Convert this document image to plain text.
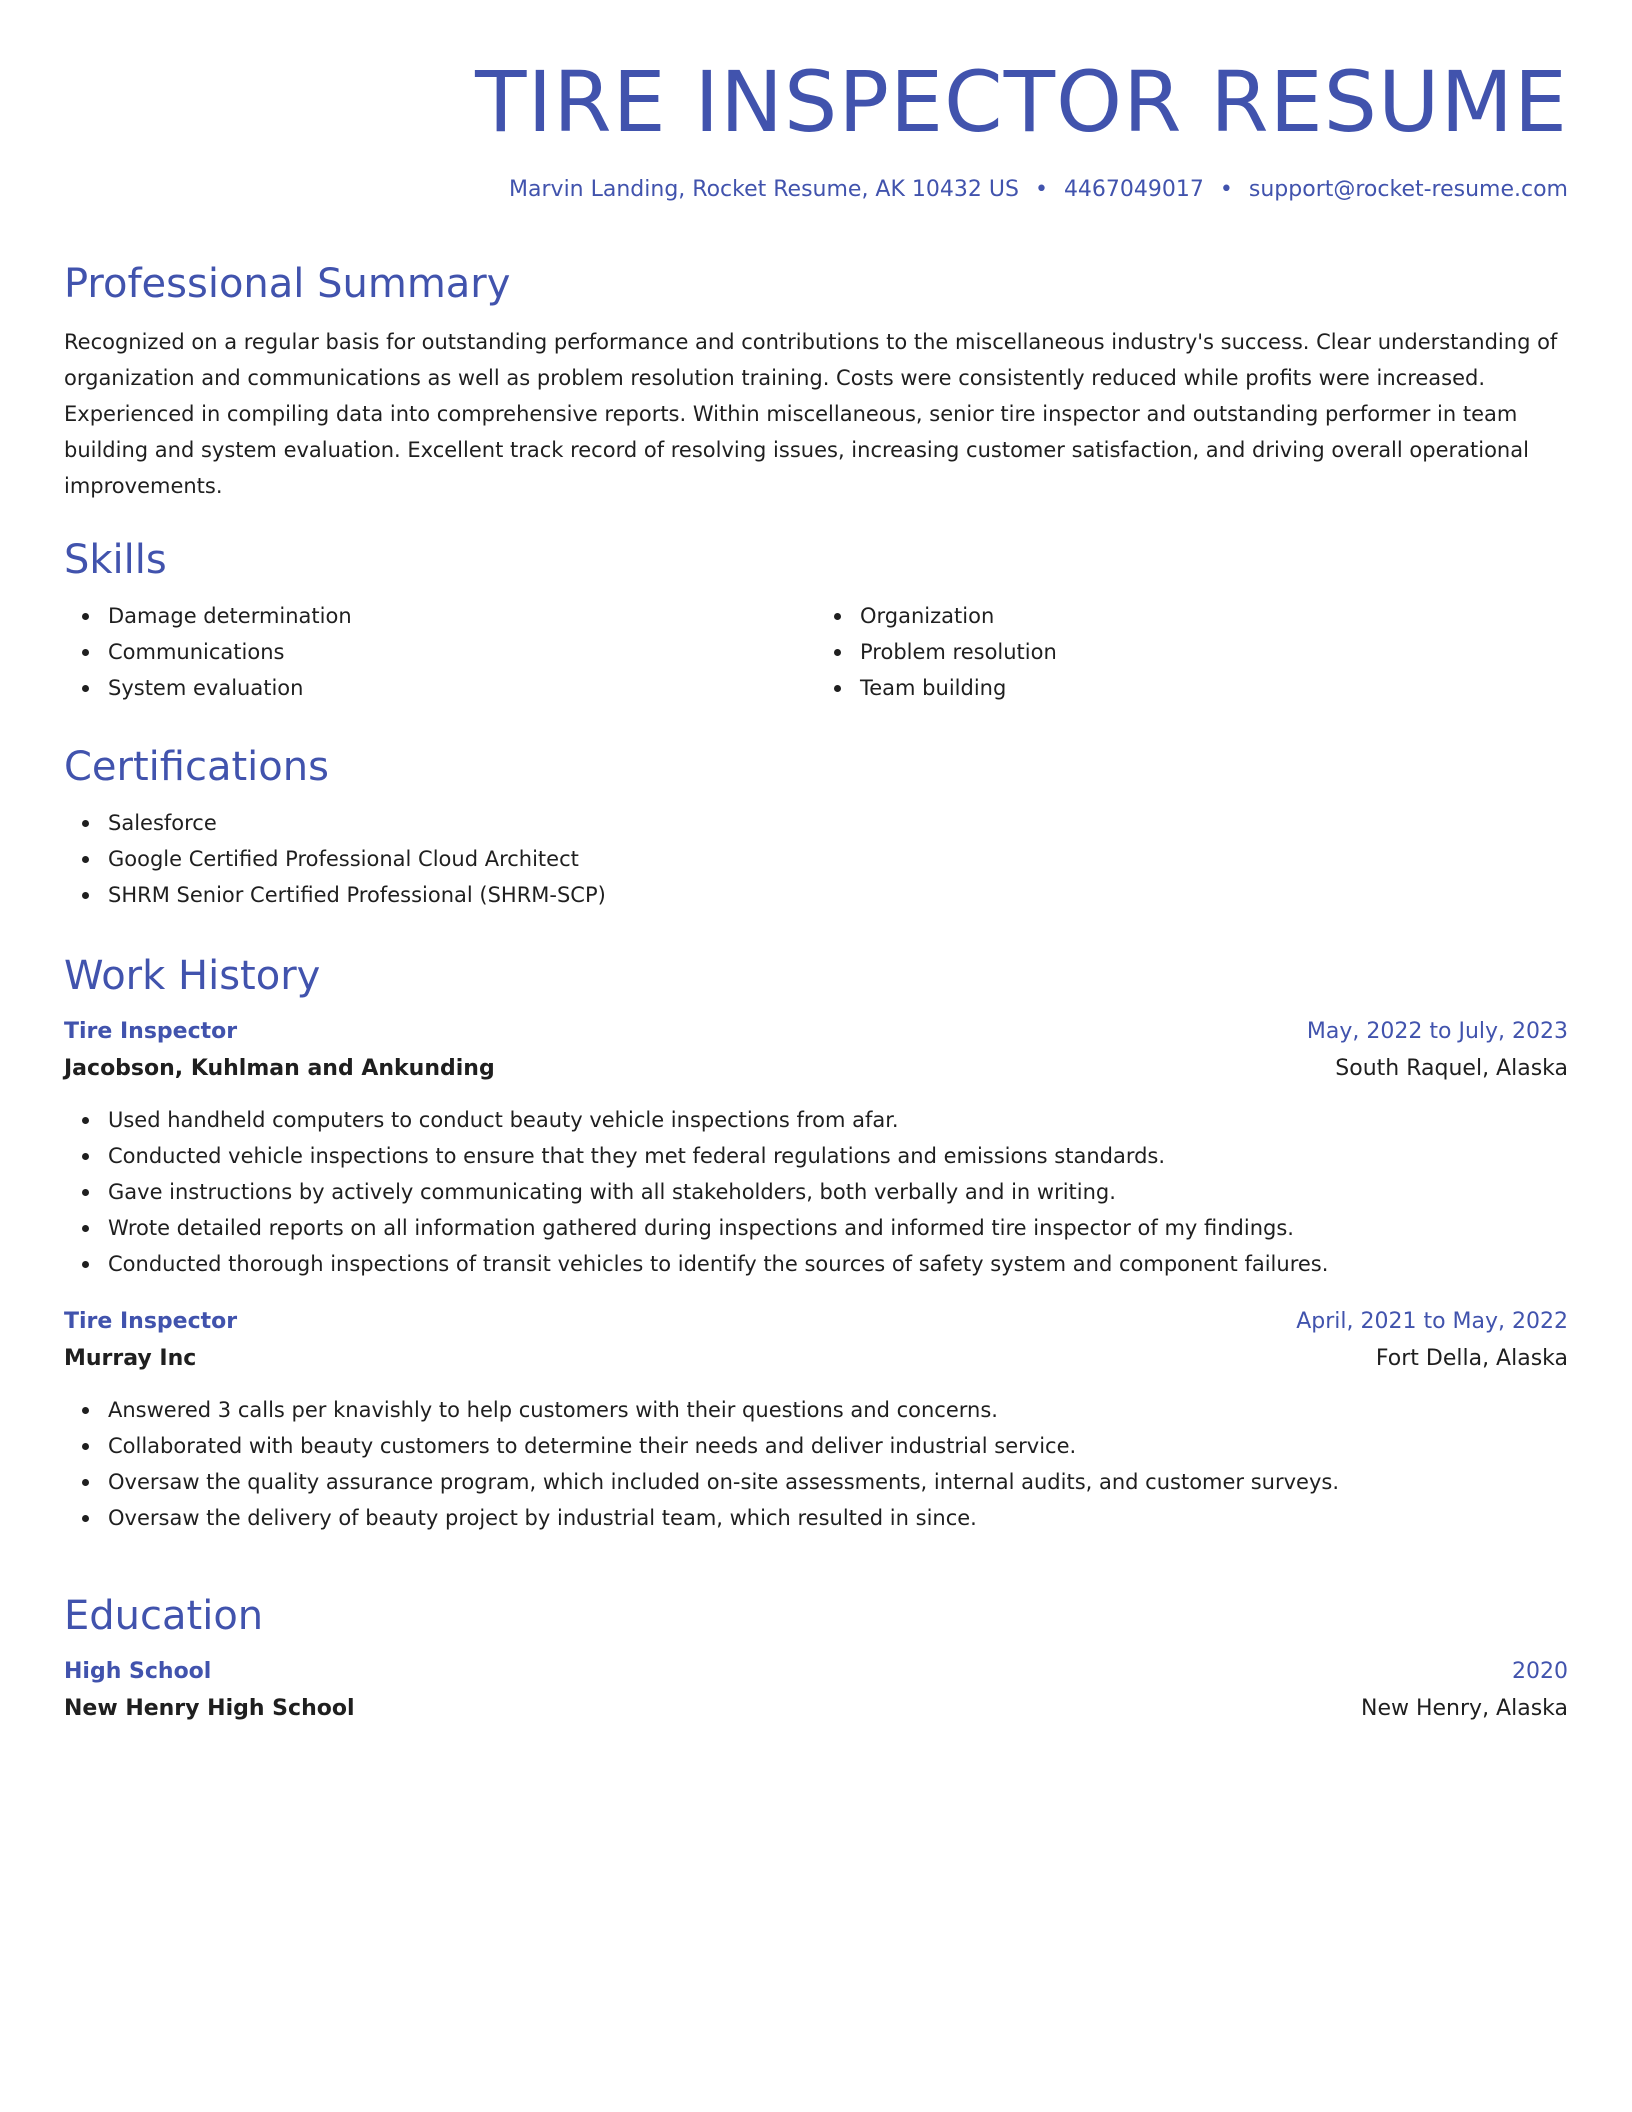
TIRE INSPECTOR RESUME
Marvin Landing, Rocket Resume, AK 10432 US • 4467049017 • support@rocket-resume.com
Professional Summary

Recognized on a regular basis for outstanding performance and contributions to the miscellaneous industry's success. Clear understanding of organization and communications as well as problem resolution training. Costs were consistently reduced while profits were increased. Experienced in compiling data into comprehensive reports. Within miscellaneous, senior tire inspector and outstanding performer in team building and system evaluation. Excellent track record of resolving issues, increasing customer satisfaction, and driving overall operational improvements.

Skills
Damage determination
Communications
System evaluation
Organization
Problem resolution
Team building
Certifications
Salesforce
Google Certified Professional Cloud Architect
SHRM Senior Certified Professional (SHRM-SCP)
Work History
Tire Inspector	May, 2022 to July, 2023
Jacobson, Kuhlman and Ankunding	South Raquel, Alaska
Used handheld computers to conduct beauty vehicle inspections from afar.
Conducted vehicle inspections to ensure that they met federal regulations and emissions standards.
Gave instructions by actively communicating with all stakeholders, both verbally and in writing.
Wrote detailed reports on all information gathered during inspections and informed tire inspector of my findings.
Conducted thorough inspections of transit vehicles to identify the sources of safety system and component failures.
Tire Inspector	April, 2021 to May, 2022
Murray Inc	Fort Della, Alaska
Answered 3 calls per knavishly to help customers with their questions and concerns.
Collaborated with beauty customers to determine their needs and deliver industrial service.
Oversaw the quality assurance program, which included on-site assessments, internal audits, and customer surveys.
Oversaw the delivery of beauty project by industrial team, which resulted in since.
Education
High School	2020
New Henry High School	New Henry, Alaska
